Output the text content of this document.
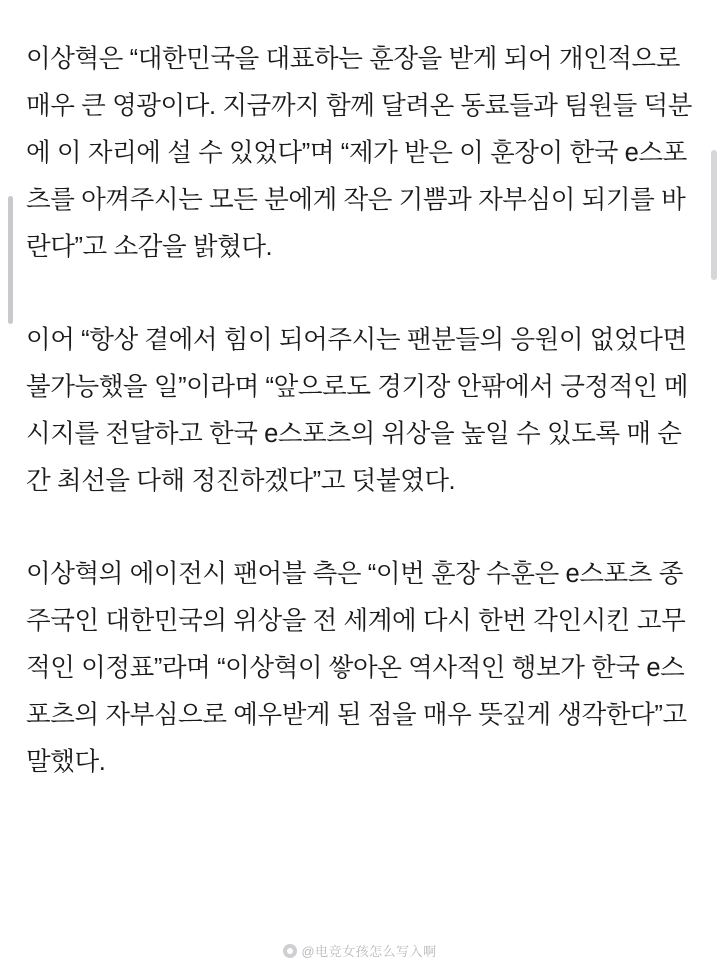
이상혁은 “대한민국을 대표하는 훈장을 받게 되어 개인적으로 매우 큰 영광이다. 지금까지 함께 달려온 동료들과 팀원들 덕분에 이 자리에 설 수 있었다”며 “제가 받은 이 훈장이 한국 e스포츠를 아껴주시는 모든 분에게 작은 기쁨과 자부심이 되기를 바란다”고 소감을 밝혔다.

이어 “항상 곁에서 힘이 되어주시는 팬분들의 응원이 없었다면 불가능했을 일”이라며 “앞으로도 경기장 안팎에서 긍정적인 메시지를 전달하고 한국 e스포츠의 위상을 높일 수 있도록 매 순간 최선을 다해 정진하겠다”고 덧붙였다.

이상혁의 에이전시 팬어블 측은 “이번 훈장 수훈은 e스포츠 종주국인 대한민국의 위상을 전 세계에 다시 한번 각인시킨 고무적인 이정표”라며 “이상혁이 쌓아온 역사적인 행보가 한국 e스포츠의 자부심으로 예우받게 된 점을 매우 뜻깊게 생각한다”고 말했다.

@电竞女孩怎么写入啊
